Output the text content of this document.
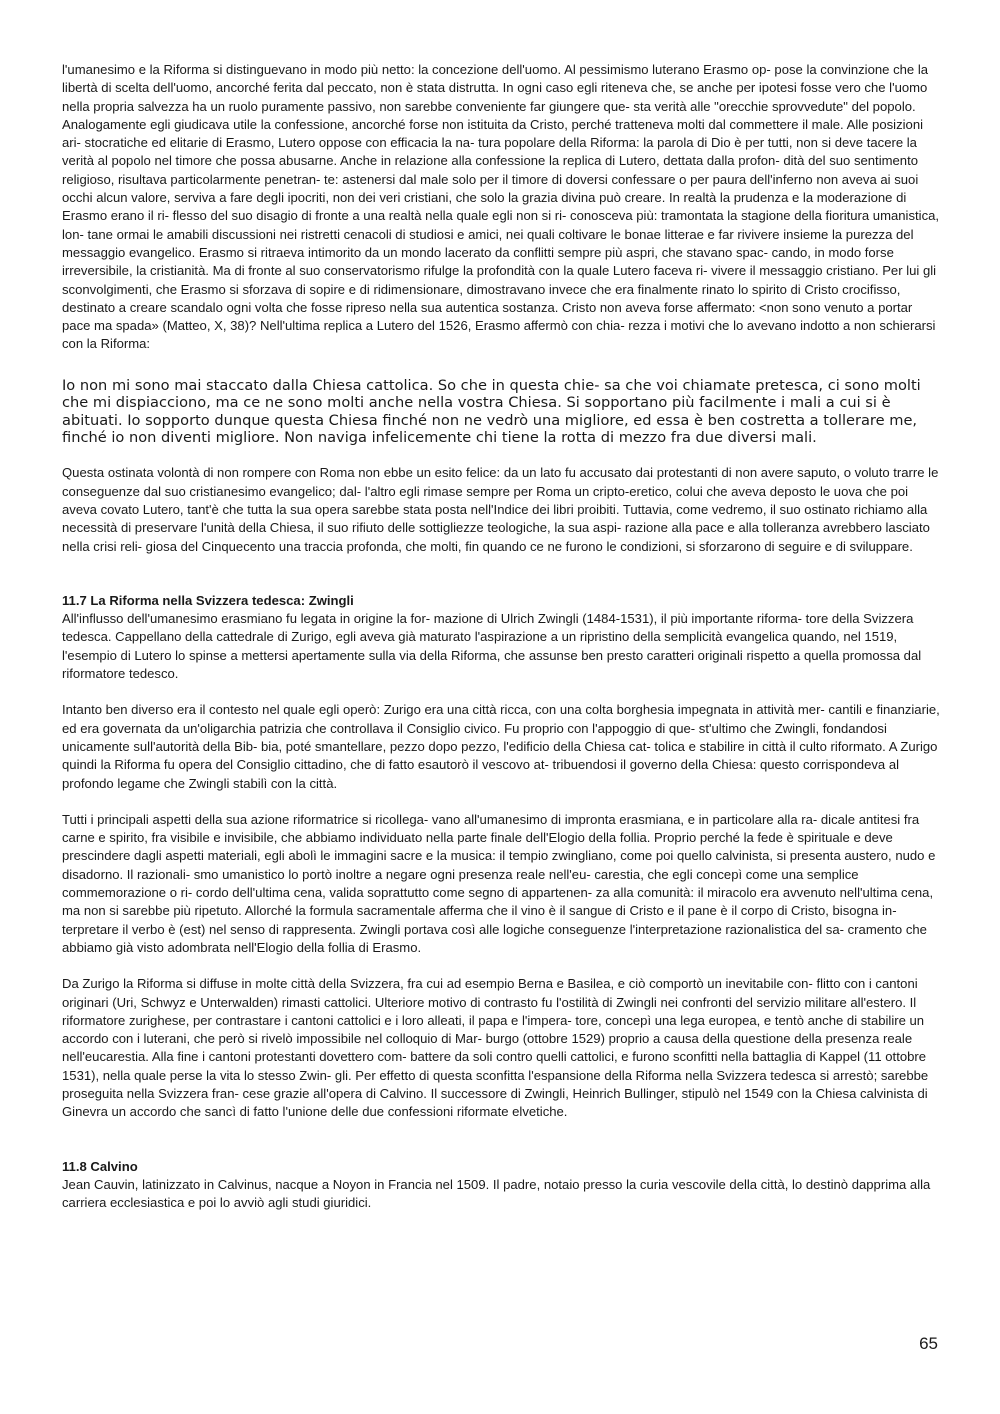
l'umanesimo e la Riforma si distinguevano in modo più netto: la concezione dell'uomo. Al pessimismo luterano Erasmo op- pose la convinzione che la libertà di scelta dell'uomo, ancorché ferita dal peccato, non è stata distrutta. In ogni caso egli riteneva che, se anche per ipotesi fosse vero che l'uomo nella propria salvezza ha un ruolo puramente passivo, non sarebbe conveniente far giungere que- sta verità alle "orecchie sprovvedute" del popolo. Analogamente egli giudicava utile la confessione, ancorché forse non istituita da Cristo, perché tratteneva molti dal commettere il male. Alle posizioni ari- stocratiche ed elitarie di Erasmo, Lutero oppose con efficacia la na- tura popolare della Riforma: la parola di Dio è per tutti, non si deve tacere la verità al popolo nel timore che possa abusarne. Anche in relazione alla confessione la replica di Lutero, dettata dalla profon- dità del suo sentimento religioso, risultava particolarmente penetran- te: astenersi dal male solo per il timore di doversi confessare o per paura dell'inferno non aveva ai suoi occhi alcun valore, serviva a fare degli ipocriti, non dei veri cristiani, che solo la grazia divina può creare. In realtà la prudenza e la moderazione di Erasmo erano il ri- flesso del suo disagio di fronte a una realtà nella quale egli non si ri- conosceva più: tramontata la stagione della fioritura umanistica, lon- tane ormai le amabili discussioni nei ristretti cenacoli di studiosi e amici, nei quali coltivare le bonae litterae e far rivivere insieme la purezza del messaggio evangelico. Erasmo si ritraeva intimorito da un mondo lacerato da conflitti sempre più aspri, che stavano spac- cando, in modo forse irreversibile, la cristianità. Ma di fronte al suo conservatorismo rifulge la profondità con la quale Lutero faceva ri- vivere il messaggio cristiano. Per lui gli sconvolgimenti, che Erasmo si sforzava di sopire e di ridimensionare, dimostravano invece che era finalmente rinato lo spirito di Cristo crocifisso, destinato a creare scandalo ogni volta che fosse ripreso nella sua autentica sostanza. Cristo non aveva forse affermato: <non sono venuto a portar pace ma spada» (Matteo, X, 38)? Nell'ultima replica a Lutero del 1526, Erasmo affermò con chia- rezza i motivi che lo avevano indotto a non schierarsi con la Riforma:

Io non mi sono mai staccato dalla Chiesa cattolica. So che in questa chie- sa che voi chiamate pretesca, ci sono molti che mi dispiacciono, ma ce ne sono molti anche nella vostra Chiesa. Si sopportano più facilmente i mali a cui si è abituati. Io sopporto dunque questa Chiesa finché non ne vedrò una migliore, ed essa è ben costretta a tollerare me, finché io non diventi migliore. Non naviga infelicemente chi tiene la rotta di mezzo fra due diversi mali.

Questa ostinata volontà di non rompere con Roma non ebbe un esito felice: da un lato fu accusato dai protestanti di non avere saputo, o voluto trarre le conseguenze dal suo cristianesimo evangelico; dal- l'altro egli rimase sempre per Roma un cripto-eretico, colui che aveva deposto le uova che poi aveva covato Lutero, tant'è che tutta la sua opera sarebbe stata posta nell'Indice dei libri proibiti. Tuttavia, come vedremo, il suo ostinato richiamo alla necessità di preservare l'unità della Chiesa, il suo rifiuto delle sottigliezze teologiche, la sua aspi- razione alla pace e alla tolleranza avrebbero lasciato nella crisi reli- giosa del Cinquecento una traccia profonda, che molti, fin quando ce ne furono le condizioni, si sforzarono di seguire e di sviluppare.

11.7 La Riforma nella Svizzera tedesca: Zwingli

All'influsso dell'umanesimo erasmiano fu legata in origine la for- mazione di Ulrich Zwingli (1484-1531), il più importante riforma- tore della Svizzera tedesca. Cappellano della cattedrale di Zurigo, egli aveva già maturato l'aspirazione a un ripristino della semplicità evangelica quando, nel 1519, l'esempio di Lutero lo spinse a mettersi apertamente sulla via della Riforma, che assunse ben presto caratteri originali rispetto a quella promossa dal riformatore tedesco.

Intanto ben diverso era il contesto nel quale egli operò: Zurigo era una città ricca, con una colta borghesia impegnata in attività mer- cantili e finanziarie, ed era governata da un'oligarchia patrizia che controllava il Consiglio civico. Fu proprio con l'appoggio di que- st'ultimo che Zwingli, fondandosi unicamente sull'autorità della Bib- bia, poté smantellare, pezzo dopo pezzo, l'edificio della Chiesa cat- tolica e stabilire in città il culto riformato. A Zurigo quindi la Riforma fu opera del Consiglio cittadino, che di fatto esautorò il vescovo at- tribuendosi il governo della Chiesa: questo corrispondeva al profondo legame che Zwingli stabilì con la città.

Tutti i principali aspetti della sua azione riformatrice si ricollega- vano all'umanesimo di impronta erasmiana, e in particolare alla ra- dicale antitesi fra carne e spirito, fra visibile e invisibile, che abbiamo individuato nella parte finale dell'Elogio della follia. Proprio perché la fede è spirituale e deve prescindere dagli aspetti materiali, egli abolì le immagini sacre e la musica: il tempio zwingliano, come poi quello calvinista, si presenta austero, nudo e disadorno. Il razionali- smo umanistico lo portò inoltre a negare ogni presenza reale nell'eu- carestia, che egli concepì come una semplice commemorazione o ri- cordo dell'ultima cena, valida soprattutto come segno di appartenen- za alla comunità: il miracolo era avvenuto nell'ultima cena, ma non si sarebbe più ripetuto. Allorché la formula sacramentale afferma che il vino è il sangue di Cristo e il pane è il corpo di Cristo, bisogna in-terpretare il verbo è (est) nel senso di rappresenta. Zwingli portava così alle logiche conseguenze l'interpretazione razionalistica del sa- cramento che abbiamo già visto adombrata nell'Elogio della follia di Erasmo.

Da Zurigo la Riforma si diffuse in molte città della Svizzera, fra cui ad esempio Berna e Basilea, e ciò comportò un inevitabile con- flitto con i cantoni originari (Uri, Schwyz e Unterwalden) rimasti cattolici. Ulteriore motivo di contrasto fu l'ostilità di Zwingli nei confronti del servizio militare all'estero. Il riformatore zurighese, per contrastare i cantoni cattolici e i loro alleati, il papa e l'impera- tore, concepì una lega europea, e tentò anche di stabilire un accordo con i luterani, che però si rivelò impossibile nel colloquio di Mar- burgo (ottobre 1529) proprio a causa della questione della presenza reale nell'eucarestia. Alla fine i cantoni protestanti dovettero com- battere da soli contro quelli cattolici, e furono sconfitti nella battaglia di Kappel (11 ottobre 1531), nella quale perse la vita lo stesso Zwin- gli. Per effetto di questa sconfitta l'espansione della Riforma nella Svizzera tedesca si arrestò; sarebbe proseguita nella Svizzera fran- cese grazie all'opera di Calvino. Il successore di Zwingli, Heinrich Bullinger, stipulò nel 1549 con la Chiesa calvinista di Ginevra un accordo che sancì di fatto l'unione delle due confessioni riformate elvetiche.

11.8 Calvino

Jean Cauvin, latinizzato in Calvinus, nacque a Noyon in Francia nel 1509. Il padre, notaio presso la curia vescovile della città, lo destinò dapprima alla carriera ecclesiastica e poi lo avviò agli studi giuridici.

65
